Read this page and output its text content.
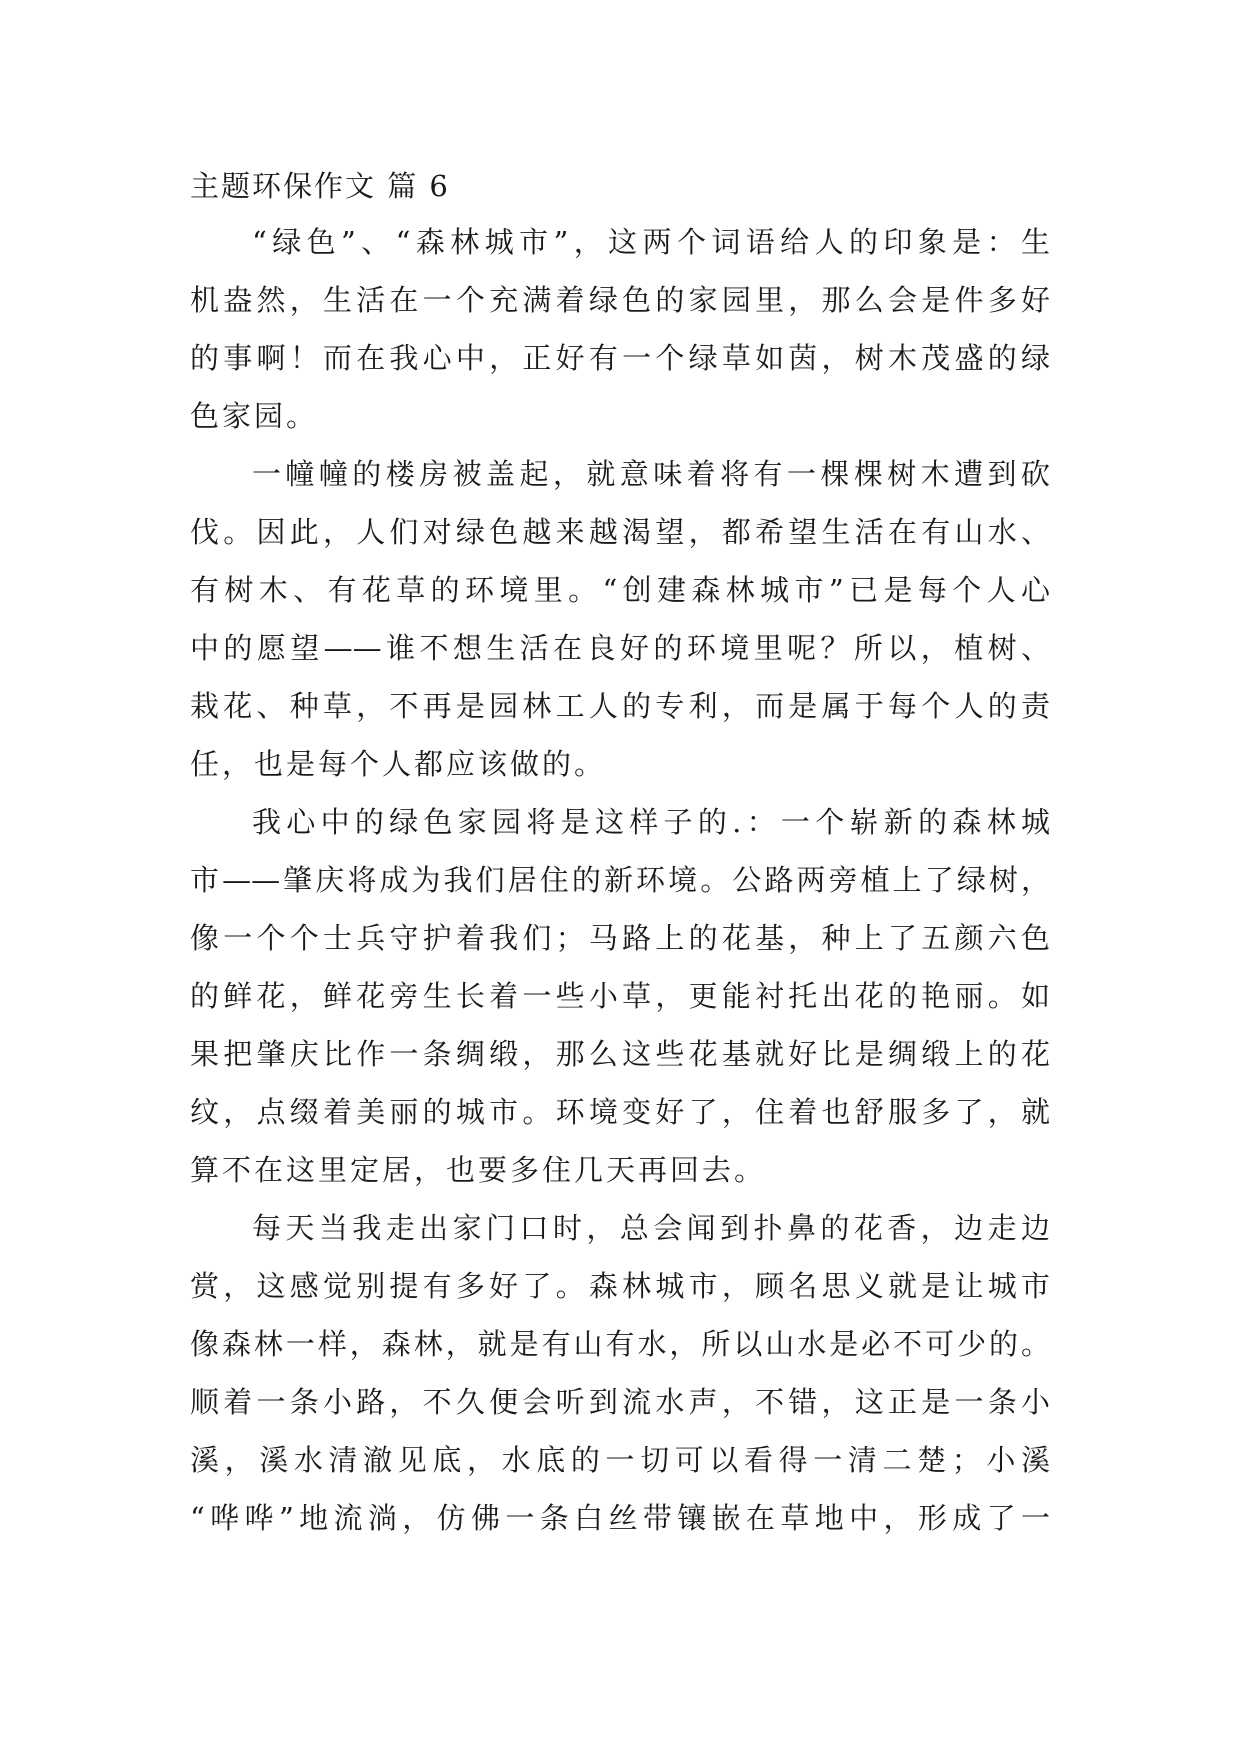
主题环保作文 篇 6
“绿色”、“森林城市”，这两个词语给人的印象是：生
机盎然，生活在一个充满着绿色的家园里，那么会是件多好
的事啊！而在我心中，正好有一个绿草如茵，树木茂盛的绿
色家园。
一幢幢的楼房被盖起，就意味着将有一棵棵树木遭到砍
伐。因此，人们对绿色越来越渴望，都希望生活在有山水、
有树木、有花草的环境里。“创建森林城市”已是每个人心
中的愿望——谁不想生活在良好的环境里呢？所以，植树、
栽花、种草，不再是园林工人的专利，而是属于每个人的责
任，也是每个人都应该做的。
我心中的绿色家园将是这样子的.：一个崭新的森林城
市——肇庆将成为我们居住的新环境。公路两旁植上了绿树，
像一个个士兵守护着我们；马路上的花基，种上了五颜六色
的鲜花，鲜花旁生长着一些小草，更能衬托出花的艳丽。如
果把肇庆比作一条绸缎，那么这些花基就好比是绸缎上的花
纹，点缀着美丽的城市。环境变好了，住着也舒服多了，就
算不在这里定居，也要多住几天再回去。
每天当我走出家门口时，总会闻到扑鼻的花香，边走边
赏，这感觉别提有多好了。森林城市，顾名思义就是让城市
像森林一样，森林，就是有山有水，所以山水是必不可少的。
顺着一条小路，不久便会听到流水声，不错，这正是一条小
溪，溪水清澈见底，水底的一切可以看得一清二楚；小溪
“哗哗”地流淌，仿佛一条白丝带镶嵌在草地中，形成了一
